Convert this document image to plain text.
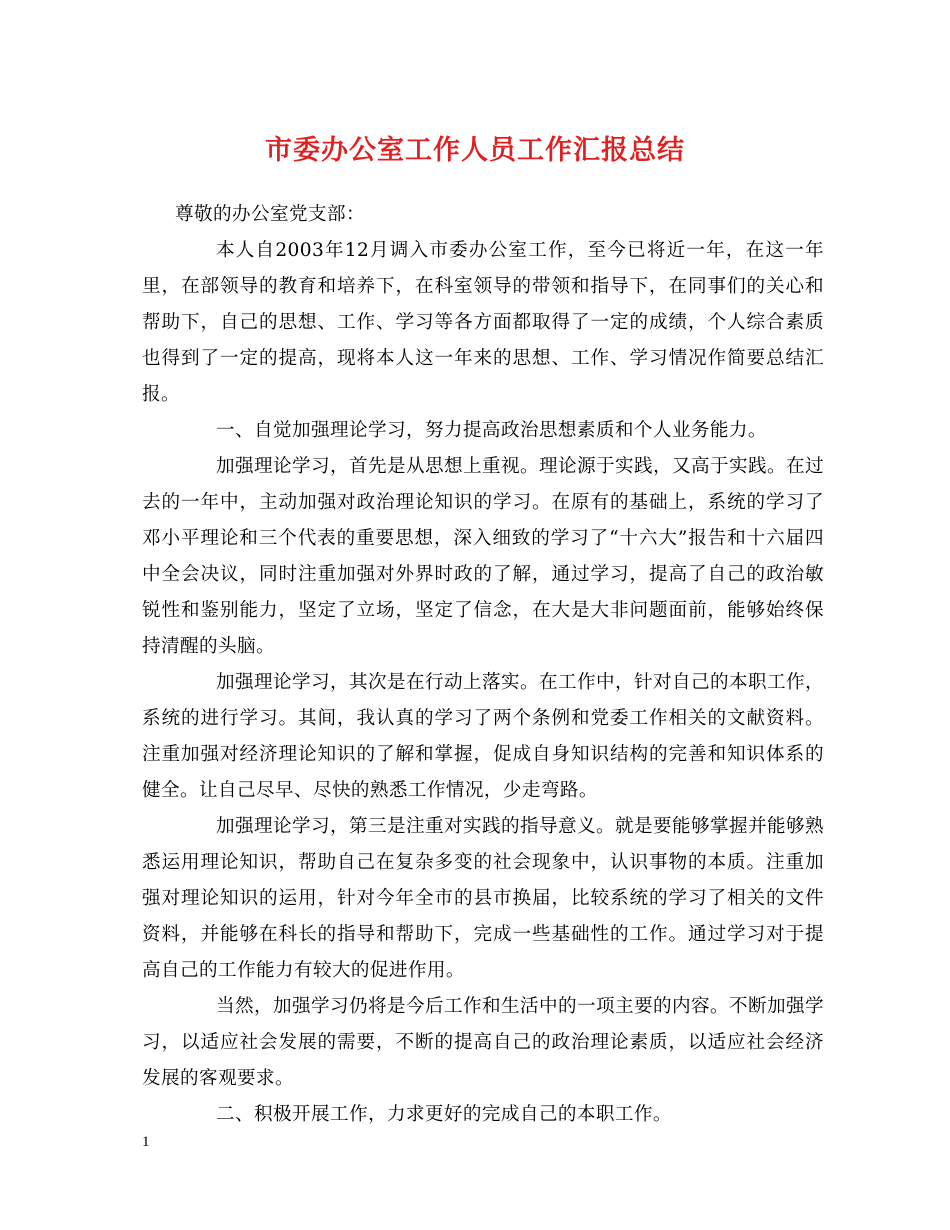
市委办公室工作人员工作汇报总结

尊敬的办公室党支部：

本人自2003年12月调入市委办公室工作，至今已将近一年，在这一年里，在部领导的教育和培养下，在科室领导的带领和指导下，在同事们的关心和帮助下，自己的思想、工作、学习等各方面都取得了一定的成绩，个人综合素质也得到了一定的提高，现将本人这一年来的思想、工作、学习情况作简要总结汇报。

一、自觉加强理论学习，努力提高政治思想素质和个人业务能力。

加强理论学习，首先是从思想上重视。理论源于实践，又高于实践。在过去的一年中，主动加强对政治理论知识的学习。在原有的基础上，系统的学习了邓小平理论和三个代表的重要思想，深入细致的学习了“十六大”报告和十六届四中全会决议，同时注重加强对外界时政的了解，通过学习，提高了自己的政治敏锐性和鉴别能力，坚定了立场，坚定了信念，在大是大非问题面前，能够始终保持清醒的头脑。

加强理论学习，其次是在行动上落实。在工作中，针对自己的本职工作，系统的进行学习。其间，我认真的学习了两个条例和党委工作相关的文献资料。注重加强对经济理论知识的了解和掌握，促成自身知识结构的完善和知识体系的健全。让自己尽早、尽快的熟悉工作情况，少走弯路。

加强理论学习，第三是注重对实践的指导意义。就是要能够掌握并能够熟悉运用理论知识，帮助自己在复杂多变的社会现象中，认识事物的本质。注重加强对理论知识的运用，针对今年全市的县市换届，比较系统的学习了相关的文件资料，并能够在科长的指导和帮助下，完成一些基础性的工作。通过学习对于提高自己的工作能力有较大的促进作用。

当然，加强学习仍将是今后工作和生活中的一项主要的内容。不断加强学习，以适应社会发展的需要，不断的提高自己的政治理论素质，以适应社会经济发展的客观要求。

二、积极开展工作，力求更好的完成自己的本职工作。

1
